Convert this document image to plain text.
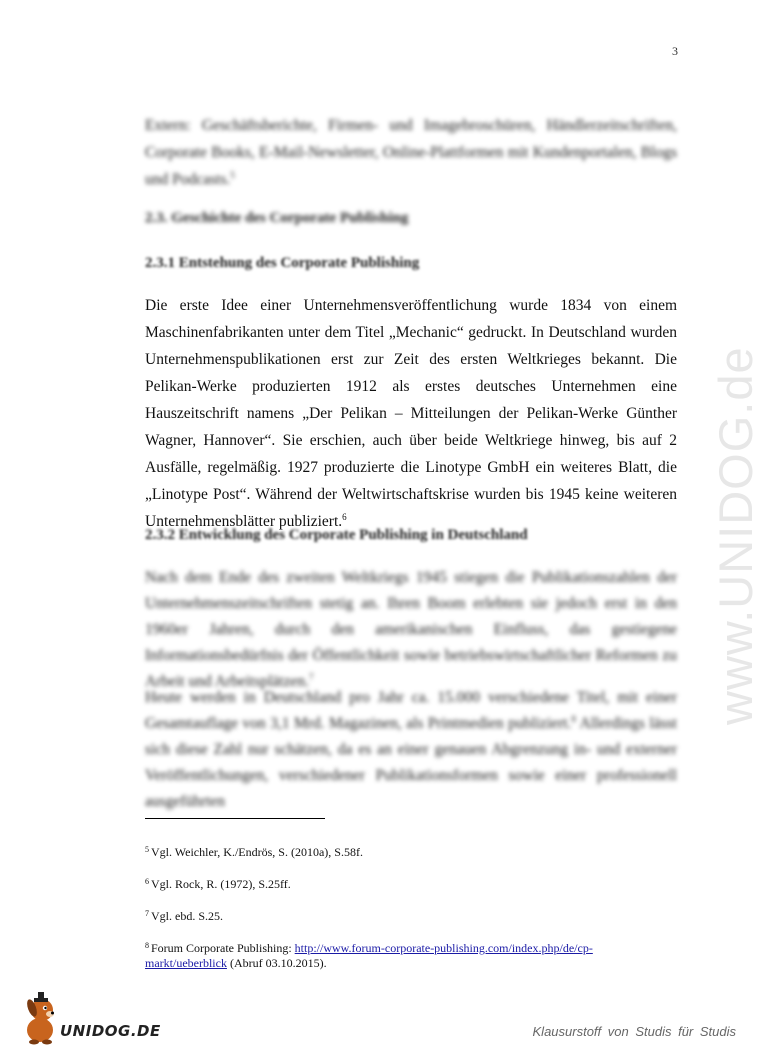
3

Extern: Geschäftsberichte, Firmen- und Imagebroschüren, Händlerzeitschriften, Corporate Books, E-Mail-Newsletter, Online-Plattformen mit Kundenportalen, Blogs und Podcasts.$^5$

2.3. Geschichte des Corporate Publishing
2.3.1 Entstehung des Corporate Publishing

Die erste Idee einer Unternehmensveröffentlichung wurde 1834 von einem Maschinenfabrikanten unter dem Titel „Mechanic“ gedruckt. In Deutschland wurden Unternehmenspublikationen erst zur Zeit des ersten Weltkrieges bekannt. Die Pelikan-Werke produzierten 1912 als erstes deutsches Unternehmen eine Hauszeitschrift namens „Der Pelikan – Mitteilungen der Pelikan-Werke Günther Wagner, Hannover“. Sie erschien, auch über beide Weltkriege hinweg, bis auf 2 Ausfälle, regelmäßig. 1927 produzierte die Linotype GmbH ein weiteres Blatt, die „Linotype Post“. Während der Weltwirtschaftskrise wurden bis 1945 keine weiteren Unternehmensblätter publiziert.$^6$

2.3.2 Entwicklung des Corporate Publishing in Deutschland

Nach dem Ende des zweiten Weltkriegs 1945 stiegen die Publikationszahlen der Unternehmenszeitschriften stetig an. Ihren Boom erlebten sie jedoch erst in den 1960er Jahren, durch den amerikanischen Einfluss, das gestiegene Informationsbedürfnis der Öffentlichkeit sowie betriebswirtschaftlicher Reformen zu Arbeit und Arbeitsplätzen.$^7$

Heute werden in Deutschland pro Jahr ca. 15.000 verschiedene Titel, mit einer Gesamtauflage von 3,1 Mrd. Magazinen, als Printmedien publiziert.$^8$ Allerdings lässt sich diese Zahl nur schätzen, da es an einer genauen Abgrenzung in- und externer Veröffentlichungen, verschiedener Publikationsformen sowie einer professionell ausgeführten

$^5$ Vgl. Weichler, K./Endrös, S. (2010a), S.58f.
$^6$ Vgl. Rock, R. (1972), S.25ff.
$^7$ Vgl. ebd. S.25.
$^8$ Forum Corporate Publishing: http://www.forum-corporate-publishing.com/index.php/de/cp-markt/ueberblick (Abruf 03.10.2015).
www.UNIDOG.de
UNIDOG.DE	Klausurstoff von Studis für Studis
